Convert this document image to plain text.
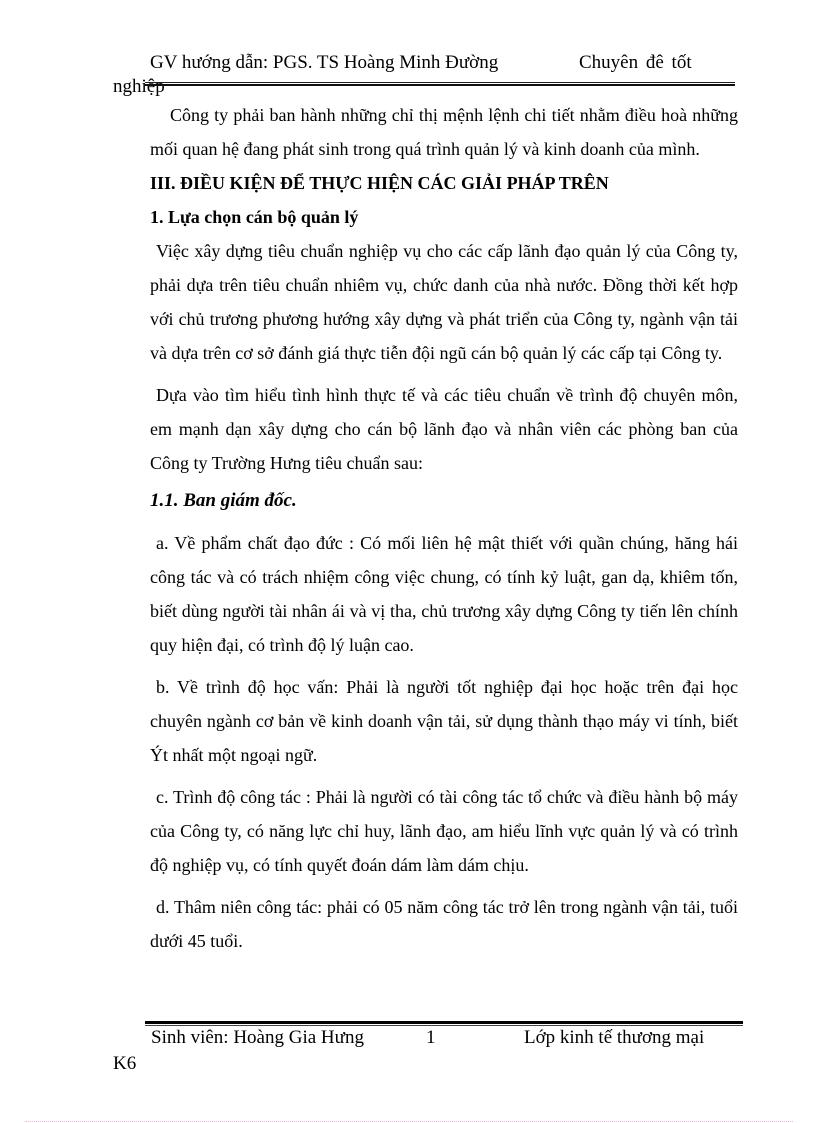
GV hướng dẫn: PGS. TS Hoàng Minh Đường	Chuyên đê tốt
nghiệp

Công ty phải ban hành những chỉ thị mệnh lệnh chi tiết nhằm điều hoà những mối quan hệ đang phát sinh trong quá trình quản lý và kinh doanh của mình.

III. ĐIỀU KIỆN ĐỂ THỰC HIỆN CÁC GIẢI PHÁP TRÊN

1. Lựa chọn cán bộ quản lý

Việc xây dựng tiêu chuẩn nghiệp vụ cho các cấp lãnh đạo quản lý của Công ty, phải dựa trên tiêu chuẩn nhiêm vụ, chức danh của nhà nước. Đồng thời kết hợp với chủ trương phương hướng xây dựng và phát triển của Công ty, ngành vận tải và dựa trên cơ sở đánh giá thực tiễn đội ngũ cán bộ quản lý các cấp tại Công ty.

Dựa vào tìm hiểu tình hình thực tế và các tiêu chuẩn về trình độ chuyên môn, em mạnh dạn xây dựng cho cán bộ lãnh đạo và nhân viên các phòng ban của Công ty Trường Hưng tiêu chuẩn sau:

1.1. Ban giám đốc.

a. Về phẩm chất đạo đức : Có mối liên hệ mật thiết với quần chúng, hăng hái công tác và có trách nhiệm công việc chung, có tính kỷ luật, gan dạ, khiêm tốn, biết dùng người tài nhân ái và vị tha, chủ trương xây dựng Công ty tiến lên chính quy hiện đại, có trình độ lý luận cao.

b. Về trình độ học vấn: Phải là người tốt nghiệp đại học hoặc trên đại học chuyên ngành cơ bản về kinh doanh vận tải, sử dụng thành thạo máy vi tính, biết Ýt nhất một ngoại ngữ.

c. Trình độ công tác : Phải là người có tài công tác tổ chức và điều hành bộ máy của Công ty, có năng lực chỉ huy, lãnh đạo, am hiểu lĩnh vực quản lý và có trình độ nghiệp vụ, có tính quyết đoán dám làm dám chịu.

d. Thâm niên công tác: phải có 05 năm công tác trở lên trong ngành vận tải, tuổi dưới 45 tuổi.

Sinh viên: Hoàng Gia Hưng	1	Lớp kinh tế thương mại
K6
